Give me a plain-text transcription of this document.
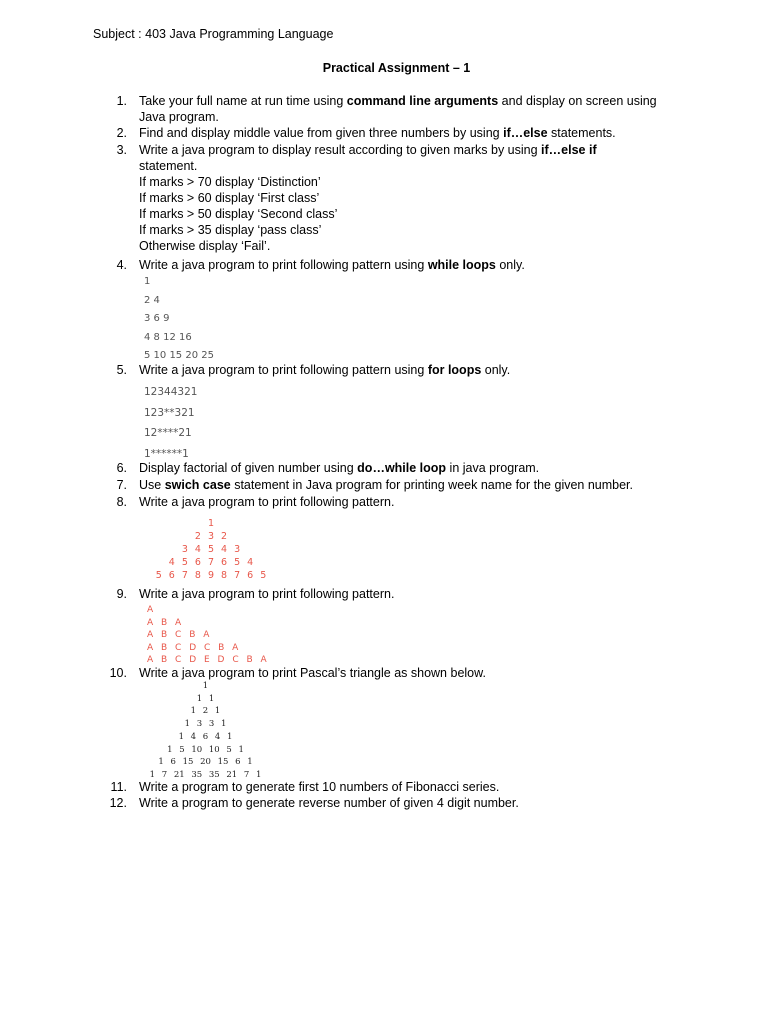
Subject : 403 Java Programming Language
Practical Assignment – 1
1. Take your full name at run time using command line arguments and display on screen using
Java program.
2. Find and display middle value from given three numbers by using if…else statements.
3. Write a java program to display result according to given marks by using if…else if
statement.
If marks > 70 display ‘Distinction’
If marks > 60 display ‘First class’
If marks > 50 display ‘Second class’
If marks > 35 display ‘pass class’
Otherwise display ‘Fail’.
4. Write a java program to print following pattern using while loops only.
1
2 4
3 6 9
4 8 12 16
5 10 15 20 25
5. Write a java program to print following pattern using for loops only.
12344321
123**321
12****21
1******1
6. Display factorial of given number using do…while loop in java program.
7. Use swich case statement in Java program for printing week name for the given number.
8. Write a java program to print following pattern.
1
2 3 2
3 4 5 4 3
4 5 6 7 6 5 4
5 6 7 8 9 8 7 6 5
9. Write a java program to print following pattern.
A
A B A
A B C B A
A B C D C B A
A B C D E D C B A
10. Write a java program to print Pascal’s triangle as shown below.
1
1 1
1 2 1
1 3 3 1
1 4 6 4 1
1 5 10 10 5 1
1 6 15 20 15 6 1
1 7 21 35 35 21 7 1
11. Write a program to generate first 10 numbers of Fibonacci series.
12. Write a program to generate reverse number of given 4 digit number.
